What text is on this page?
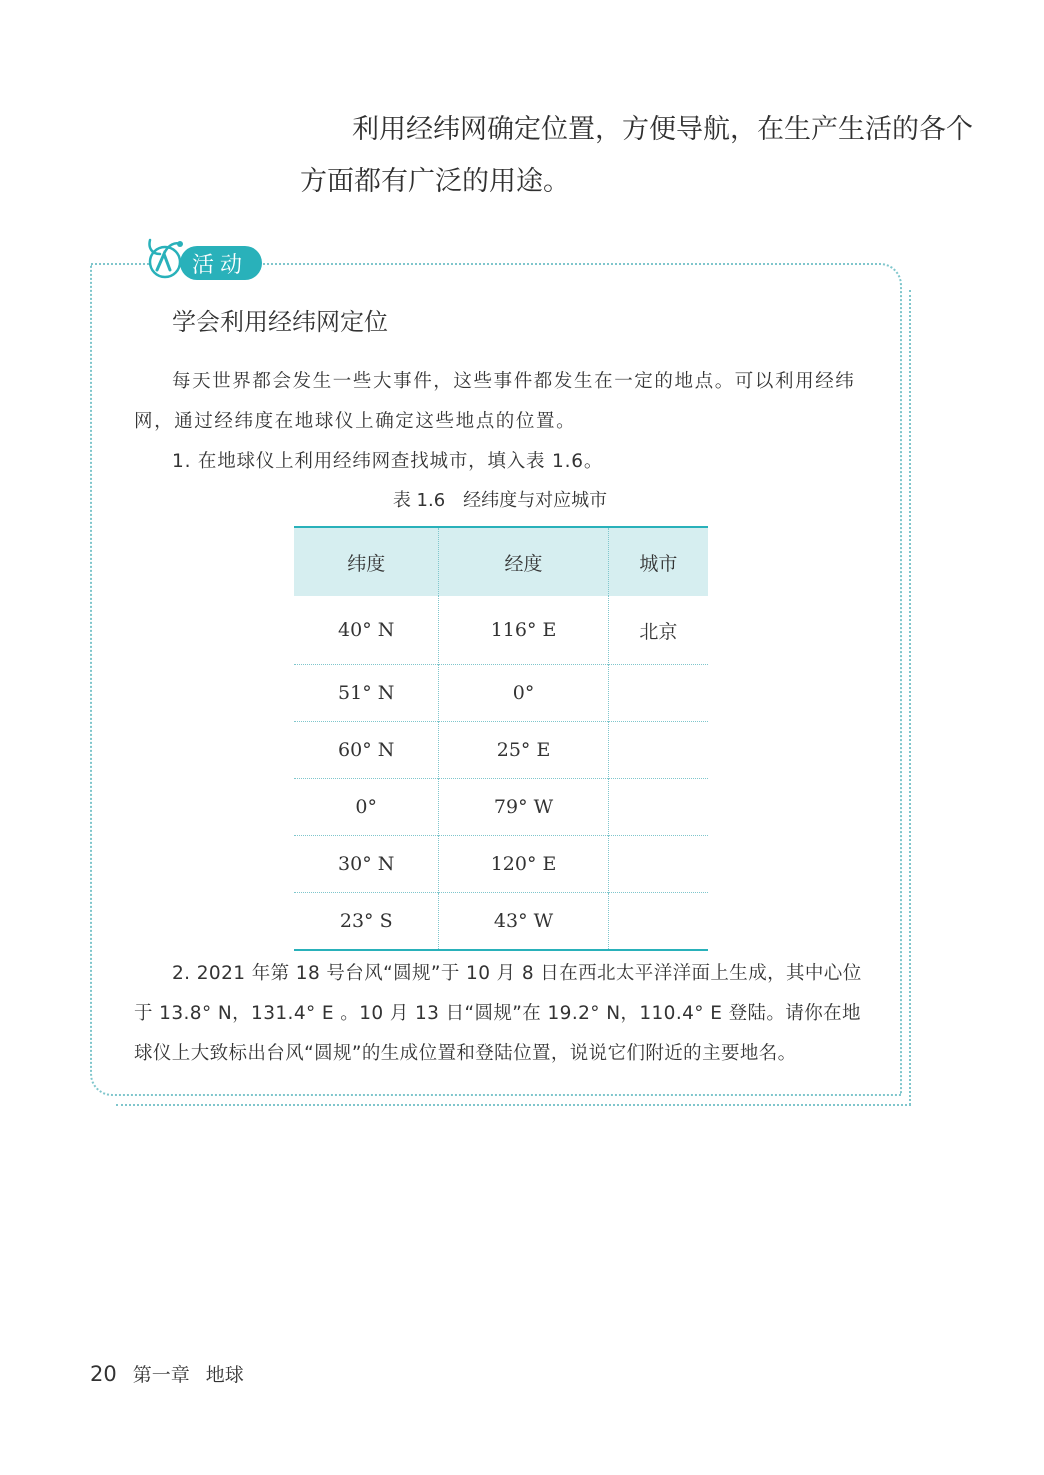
利用经纬网确定位置，方便导航，在生产生活的各个
方面都有广泛的用途。
活动
学会利用经纬网定位
每天世界都会发生一些大事件，这些事件都发生在一定的地点。可以利用经纬网，通过经纬度在地球仪上确定这些地点的位置。
1. 在地球仪上利用经纬网查找城市，填入表 1.6。
表 1.6　经纬度与对应城市
纬度	经度	城市
40° N	116° E	北京
51° N	0°	
60° N	25° E	
0°	79° W	
30° N	120° E	
23° S	43° W	
2. 2021 年第 18 号台风“圆规”于 10 月 8 日在西北太平洋洋面上生成，其中心位于 13.8° N，131.4° E 。10 月 13 日“圆规”在 19.2° N，110.4° E 登陆。请你在地球仪上大致标出台风“圆规”的生成位置和登陆位置，说说它们附近的主要地名。
20 第一章 地球
